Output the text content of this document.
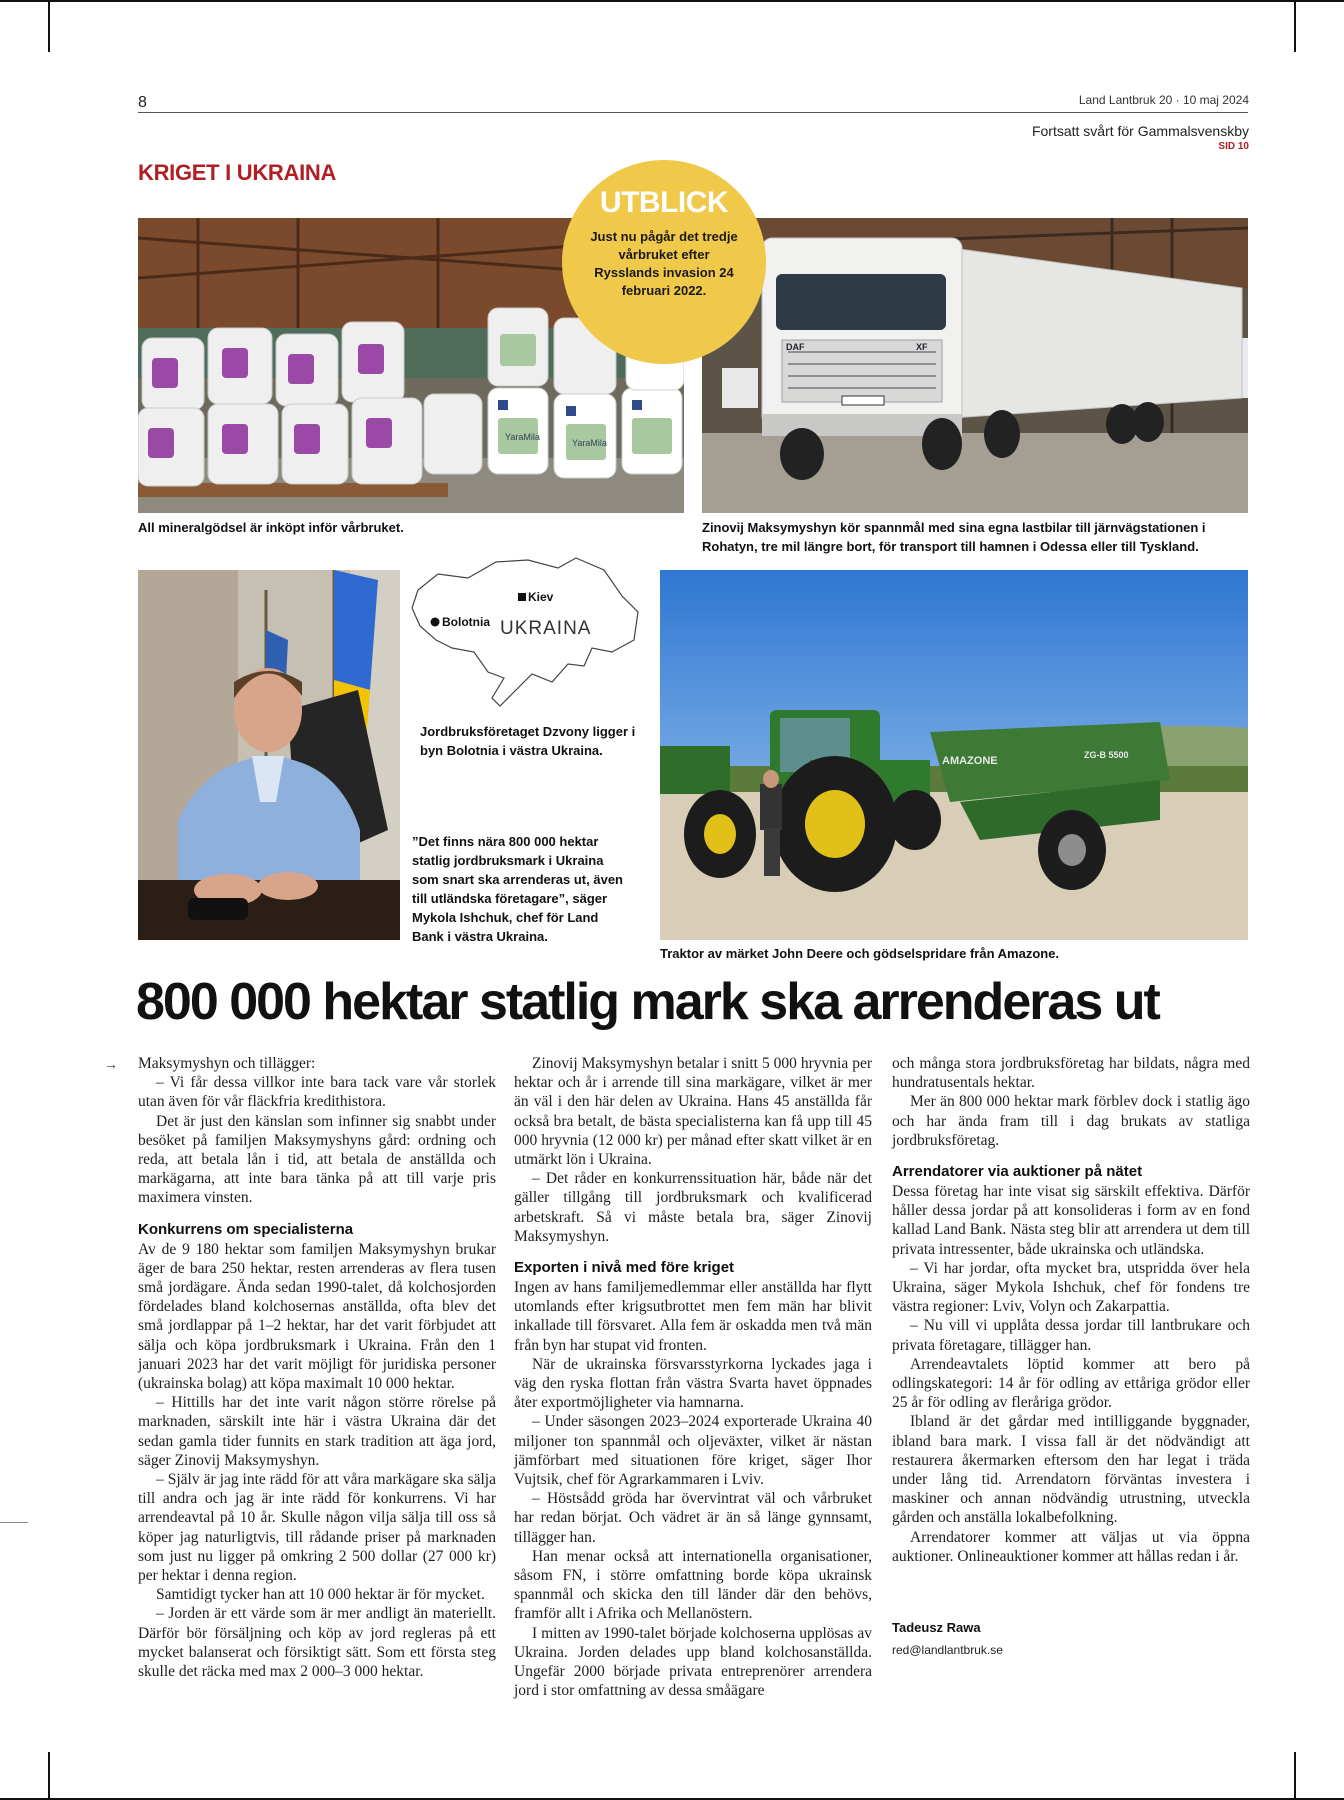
8	Land Lantbruk 20 · 10 maj 2024
Fortsatt svårt för Gammalsvenskby
SID 10
KRIGET I UKRAINA
YaraMila
YaraMila
All mineralgödsel är inköpt inför vårbruket.
DAF	XF
Zinovij Maksymyshyn kör spannmål med sina egna lastbilar till järnvägstationen i Rohatyn, tre mil längre bort, för transport till hamnen i Odessa eller till Tyskland.
UTBLICK
Just nu pågår det tredje vårbruket efter Rysslands invasion 24 februari 2022.
Kiev
Bolotnia UKRAINA
Jordbruksföretaget Dzvony ligger i byn Bolotnia i västra Ukraina.
”Det finns nära 800 000 hektar statlig jordbruksmark i Ukraina som snart ska arrenderas ut, även till utländska företagare”, säger Mykola Ishchuk, chef för Land Bank i västra Ukraina.
AMAZONE	ZG-B 5500
Traktor av märket John Deere och gödselspridare från Amazone.
800 000 hektar statlig mark ska arrenderas ut
→ Maksymyshyn och tillägger:

– Vi får dessa villkor inte bara tack vare vår storlek utan även för vår fläckfria kredithistora.

Det är just den känslan som infinner sig snabbt under besöket på familjen Maksymyshyns gård: ordning och reda, att betala lån i tid, att betala de anställda och markägarna, att inte bara tänka på att till varje pris maximera vinsten.

Konkurrens om specialisterna

Av de 9 180 hektar som familjen Maksymyshyn brukar äger de bara 250 hektar, resten arrenderas av flera tusen små jordägare. Ända sedan 1990-talet, då kolchosjorden fördelades bland kolchosernas anställda, ofta blev det små jordlappar på 1–2 hektar, har det varit förbjudet att sälja och köpa jordbruksmark i Ukraina. Från den 1 januari 2023 har det varit möjligt för juridiska personer (ukrainska bolag) att köpa maximalt 10 000 hektar.

– Hittills har det inte varit någon större rörelse på marknaden, särskilt inte här i västra Ukraina där det sedan gamla tider funnits en stark tradition att äga jord, säger Zinovij Maksymyshyn.

– Själv är jag inte rädd för att våra markägare ska sälja till andra och jag är inte rädd för konkurrens. Vi har arrendeavtal på 10 år. Skulle någon vilja sälja till oss så köper jag naturligtvis, till rådande priser på marknaden som just nu ligger på omkring 2 500 dollar (27 000 kr) per hektar i denna region.

Samtidigt tycker han att 10 000 hektar är för mycket.

– Jorden är ett värde som är mer andligt än materiellt. Därför bör försäljning och köp av jord regleras på ett mycket balanserat och försiktigt sätt. Som ett första steg skulle det räcka med max 2 000–3 000 hektar.

Zinovij Maksymyshyn betalar i snitt 5 000 hryvnia per hektar och år i arrende till sina markägare, vilket är mer än väl i den här delen av Ukraina. Hans 45 anställda får också bra betalt, de bästa specialisterna kan få upp till 45 000 hryvnia (12 000 kr) per månad efter skatt vilket är en utmärkt lön i Ukraina.

– Det råder en konkurrenssituation här, både när det gäller tillgång till jordbruksmark och kvalificerad arbetskraft. Så vi måste betala bra, säger Zinovij Maksymyshyn.

Exporten i nivå med före kriget

Ingen av hans familjemedlemmar eller anställda har flytt utomlands efter krigsutbrottet men fem män har blivit inkallade till försvaret. Alla fem är oskadda men två män från byn har stupat vid fronten.

När de ukrainska försvarsstyrkorna lyckades jaga i väg den ryska flottan från västra Svarta havet öppnades åter exportmöjligheter via hamnarna.

– Under säsongen 2023–2024 exporterade Ukraina 40 miljoner ton spannmål och oljeväxter, vilket är nästan jämförbart med situationen före kriget, säger Ihor Vujtsik, chef för Agrarkammaren i Lviv.

– Höstsådd gröda har övervintrat väl och vårbruket har redan börjat. Och vädret är än så länge gynnsamt, tillägger han.

Han menar också att internationella organisationer, såsom FN, i större omfattning borde köpa ukrainsk spannmål och skicka den till länder där den behövs, framför allt i Afrika och Mellanöstern.

I mitten av 1990-talet började kolchoserna upplösas av Ukraina. Jorden delades upp bland kolchosanställda. Ungefär 2000 började privata entreprenörer arrendera jord i stor omfattning av dessa småägare

och många stora jordbruksföretag har bildats, några med hundratusentals hektar.

Mer än 800 000 hektar mark förblev dock i statlig ägo och har ända fram till i dag brukats av statliga jordbruksföretag.

Arrendatorer via auktioner på nätet

Dessa företag har inte visat sig särskilt effektiva. Därför håller dessa jordar på att konsolideras i form av en fond kallad Land Bank. Nästa steg blir att arrendera ut dem till privata intressenter, både ukrainska och utländska.

– Vi har jordar, ofta mycket bra, utspridda över hela Ukraina, säger Mykola Ishchuk, chef för fondens tre västra regioner: Lviv, Volyn och Zakarpattia.

– Nu vill vi upplåta dessa jordar till lantbrukare och privata företagare, tillägger han.

Arrendeavtalets löptid kommer att bero på odlingskategori: 14 år för odling av ettåriga grödor eller 25 år för odling av fleråriga grödor.

Ibland är det gårdar med intilliggande byggnader, ibland bara mark. I vissa fall är det nödvändigt att restaurera åkermarken eftersom den har legat i träda under lång tid. Arrendatorn förväntas investera i maskiner och annan nödvändig utrustning, utveckla gården och anställa lokalbefolkning.

Arrendatorer kommer att väljas ut via öppna auktioner. Onlineauktioner kommer att hållas redan i år.

Tadeusz Rawa
red@landlantbruk.se
